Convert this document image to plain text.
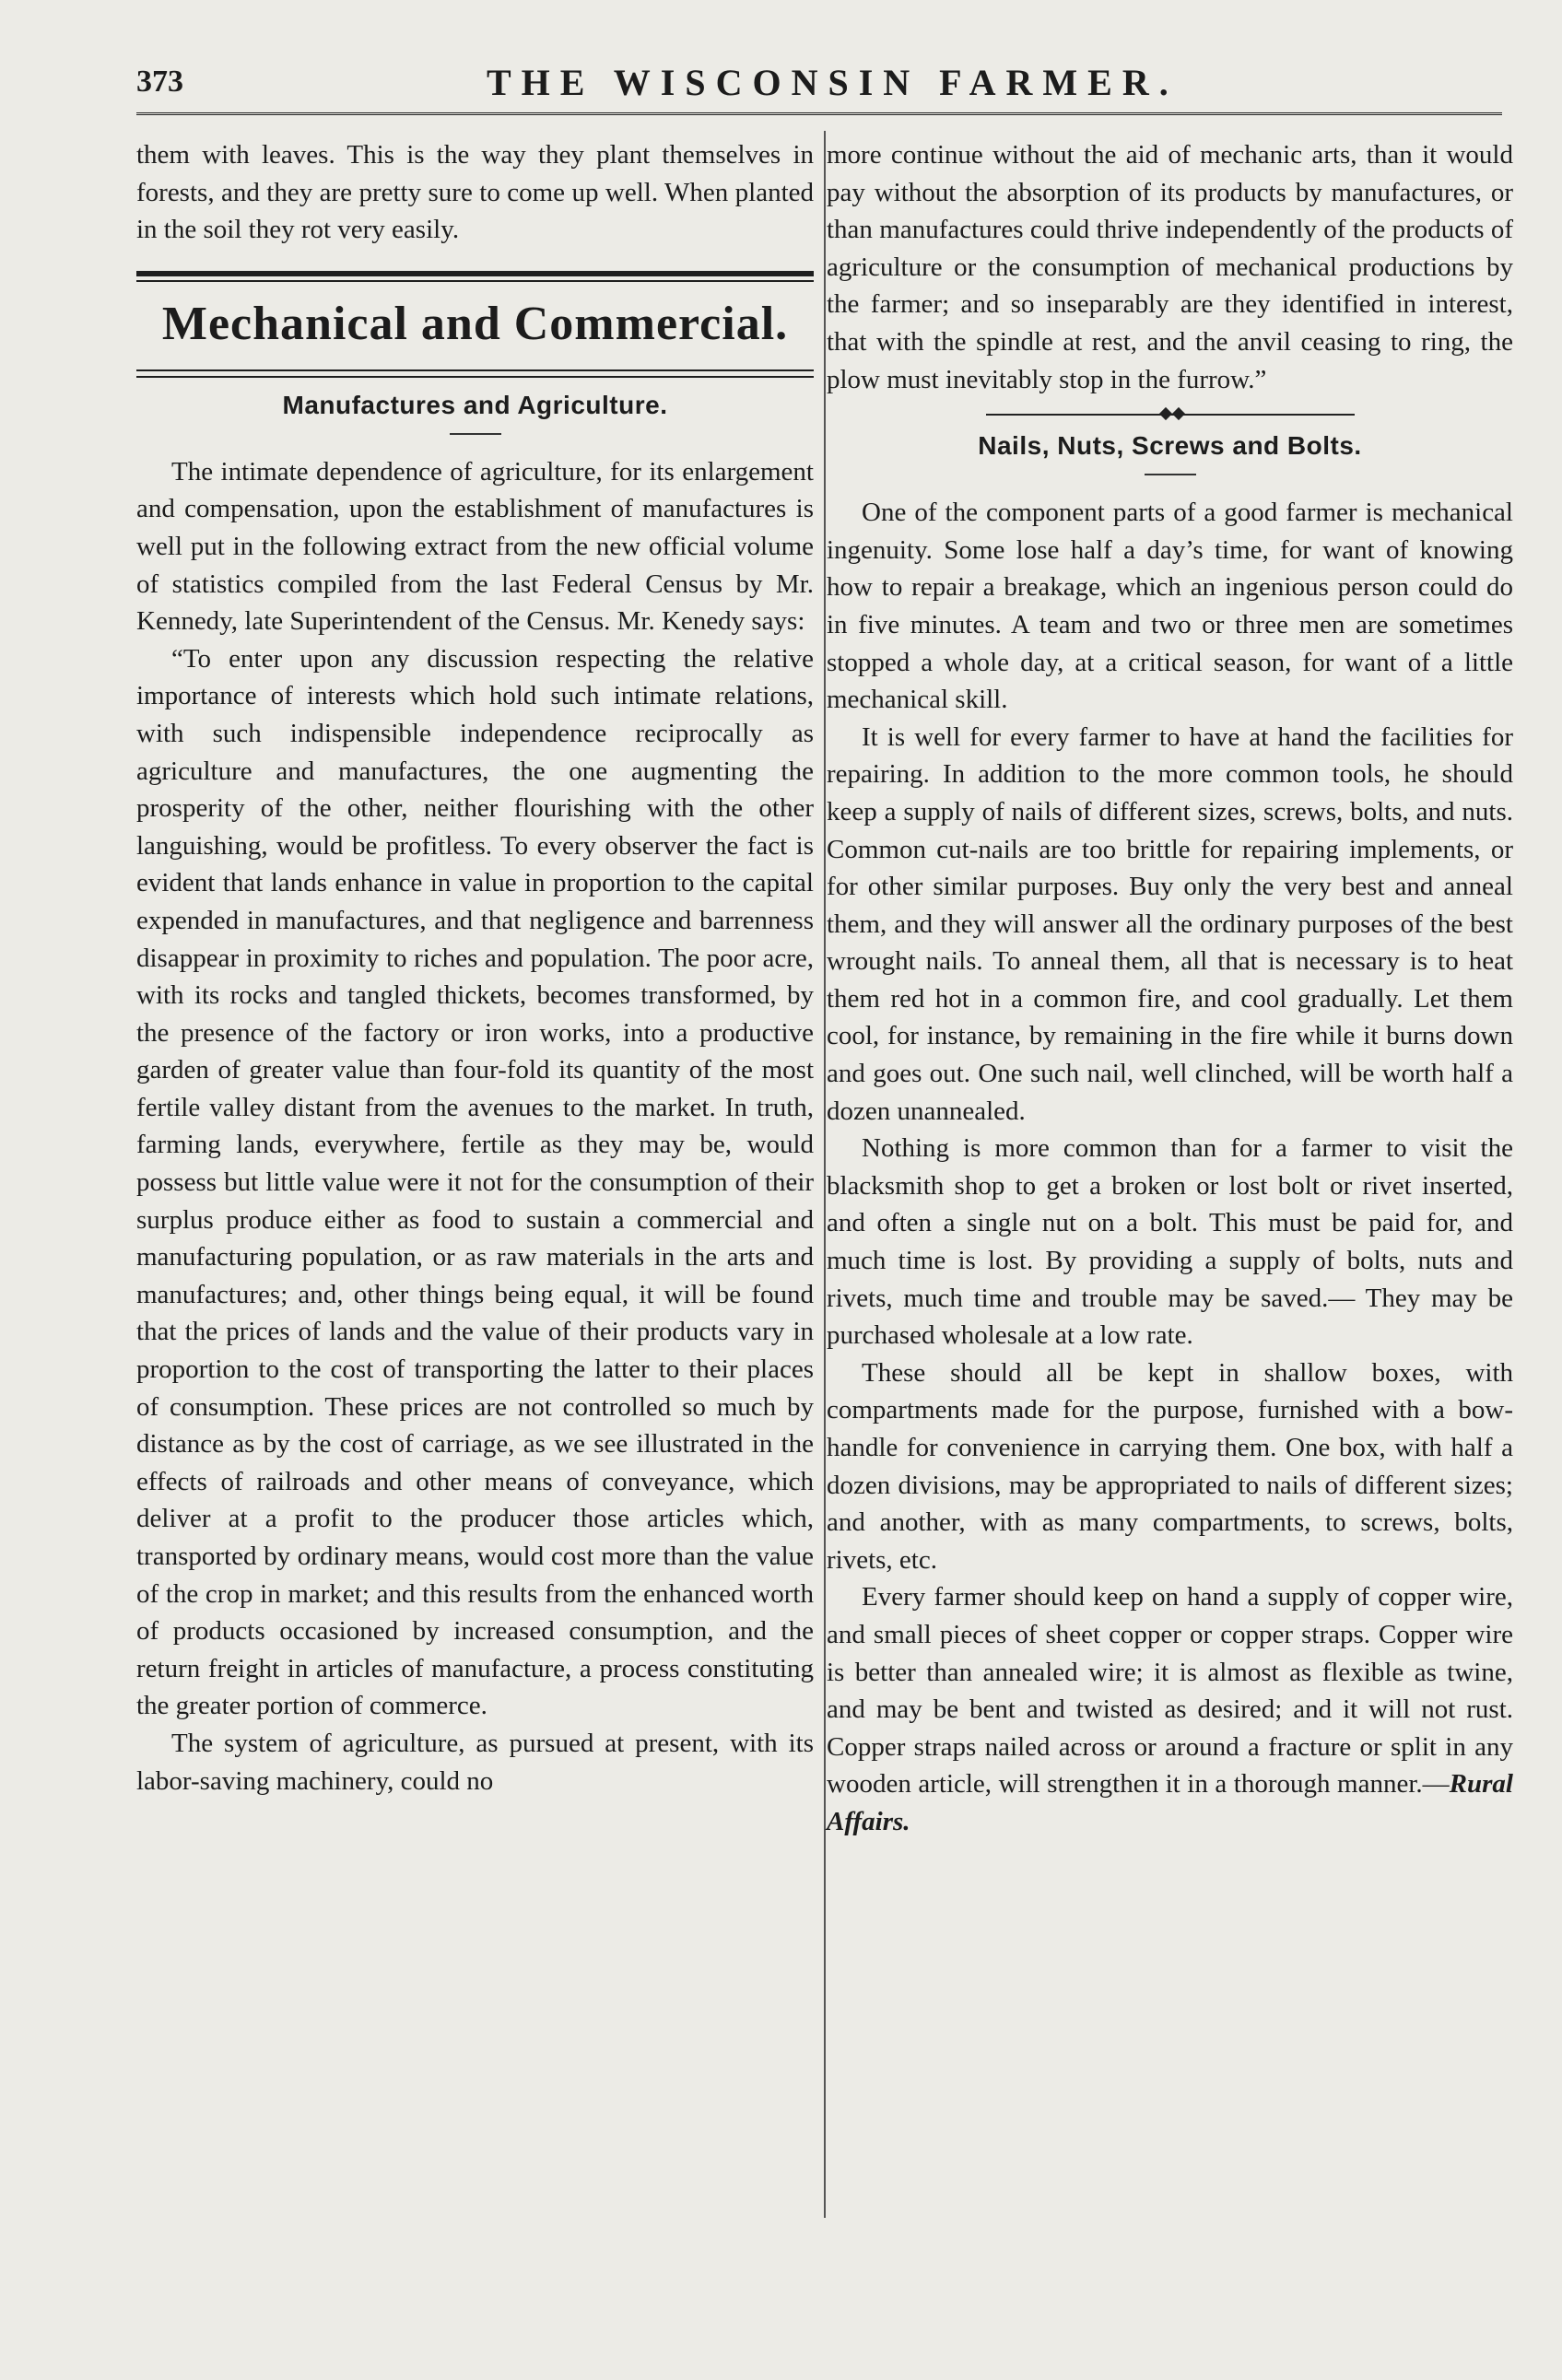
373	THE WISCONSIN FARMER.

them with leaves. This is the way they plant themselves in forests, and they are pretty sure to come up well. When planted in the soil they rot very easily.

Mechanical and Commercial.
Manufactures and Agriculture.

The intimate dependence of agriculture, for its enlargement and compensation, upon the establishment of manufactures is well put in the following extract from the new official volume of statistics compiled from the last Federal Census by Mr. Kennedy, late Superintendent of the Census. Mr. Kenedy says:

“To enter upon any discussion respecting the relative importance of interests which hold such intimate relations, with such indispensible independence reciprocally as agriculture and manufactures, the one augmenting the prosperity of the other, neither flourishing with the other languishing, would be profitless. To every observer the fact is evident that lands enhance in value in proportion to the capital expended in manufactures, and that negligence and barrenness disappear in proximity to riches and population. The poor acre, with its rocks and tangled thickets, becomes transformed, by the presence of the factory or iron works, into a productive garden of greater value than four-fold its quantity of the most fertile valley distant from the avenues to the market. In truth, farming lands, everywhere, fertile as they may be, would possess but little value were it not for the consumption of their surplus produce either as food to sustain a commercial and manufacturing population, or as raw materials in the arts and manufactures; and, other things being equal, it will be found that the prices of lands and the value of their products vary in proportion to the cost of transporting the latter to their places of consumption. These prices are not controlled so much by distance as by the cost of carriage, as we see illustrated in the effects of railroads and other means of conveyance, which deliver at a profit to the producer those articles which, transported by ordinary means, would cost more than the value of the crop in market; and this results from the enhanced worth of products occasioned by increased consumption, and the return freight in articles of manufacture, a process constituting the greater portion of commerce.

The system of agriculture, as pursued at present, with its labor-saving machinery, could no

more continue without the aid of mechanic arts, than it would pay without the absorption of its products by manufactures, or than manufactures could thrive independently of the products of agriculture or the consumption of mechanical productions by the farmer; and so inseparably are they identified in interest, that with the spindle at rest, and the anvil ceasing to ring, the plow must inevitably stop in the furrow.”

Nails, Nuts, Screws and Bolts.

One of the component parts of a good farmer is mechanical ingenuity. Some lose half a day’s time, for want of knowing how to repair a breakage, which an ingenious person could do in five minutes. A team and two or three men are sometimes stopped a whole day, at a critical season, for want of a little mechanical skill.

It is well for every farmer to have at hand the facilities for repairing. In addition to the more common tools, he should keep a supply of nails of different sizes, screws, bolts, and nuts. Common cut-nails are too brittle for repairing implements, or for other similar purposes. Buy only the very best and anneal them, and they will answer all the ordinary purposes of the best wrought nails. To anneal them, all that is necessary is to heat them red hot in a common fire, and cool gradually. Let them cool, for instance, by remaining in the fire while it burns down and goes out. One such nail, well clinched, will be worth half a dozen unannealed.

Nothing is more common than for a farmer to visit the blacksmith shop to get a broken or lost bolt or rivet inserted, and often a single nut on a bolt. This must be paid for, and much time is lost. By providing a supply of bolts, nuts and rivets, much time and trouble may be saved.— They may be purchased wholesale at a low rate.

These should all be kept in shallow boxes, with compartments made for the purpose, furnished with a bow-handle for convenience in carrying them. One box, with half a dozen divisions, may be appropriated to nails of different sizes; and another, with as many compartments, to screws, bolts, rivets, etc.

Every farmer should keep on hand a supply of copper wire, and small pieces of sheet copper or copper straps. Copper wire is better than annealed wire; it is almost as flexible as twine, and may be bent and twisted as desired; and it will not rust. Copper straps nailed across or around a fracture or split in any wooden article, will strengthen it in a thorough manner.—Rural Affairs.
